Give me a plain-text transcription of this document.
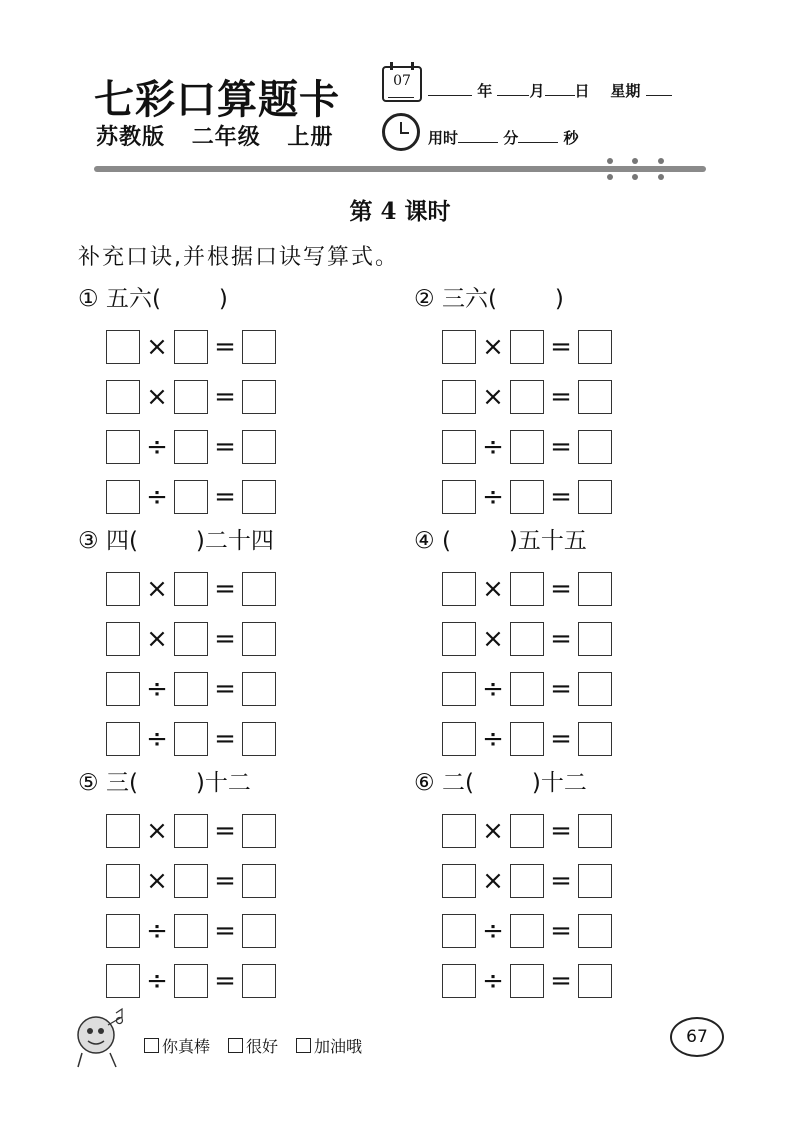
七彩口算题卡
苏教版 二年级 上册
07
年 月 日 星期
用时	分	秒
第 4 课时
补充口诀,并根据口诀写算式。
① 五六(	)
× =
× =
÷ =
÷ =
② 三六(	)
× =
× =
÷ =
÷ =
③ 四(	)二十四
× =
× =
÷ =
÷ =
④ (	)五十五
× =
× =
÷ =
÷ =
⑤ 三(	)十二
× =
× =
÷ =
÷ =
⑥ 二(	)十二
× =
× =
÷ =
÷ =
你真棒 很好 加油哦	67
